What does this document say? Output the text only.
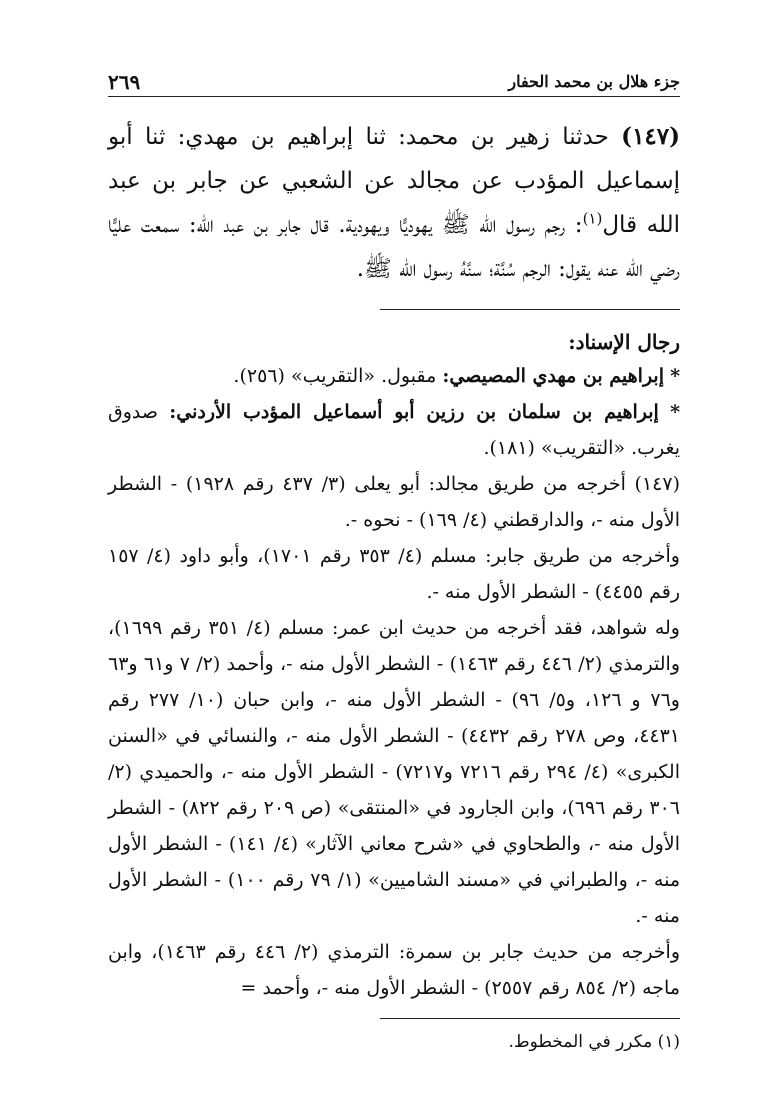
جزء هلال بن محمد الحفار
٢٦٩
(١٤٧) حدثنا زهير بن محمد: ثنا إبراهيم بن مهدي: ثنا أبو إسماعيل المؤدب عن مجالد عن الشعبي عن جابر بن عبد الله قال$^{(١)}$: رجم رسول الله ﷺ يهوديًّا ويهودية. قال جابر بن عبد الله: سمعت عليًّا رضي الله عنه يقول: الرجم سُنَّة؛ سنَّهُ رسول الله ﷺ.
رجال الإسناد:

* إبراهيم بن مهدي المصيصي: مقبول. «التقريب» (٢٥٦).

* إبراهيم بن سلمان بن رزين أبو أسماعيل المؤدب الأردني: صدوق يغرب. «التقريب» (١٨١).

(١٤٧) أخرجه من طريق مجالد: أبو يعلى (٣/ ٤٣٧ رقم ١٩٢٨) - الشطر الأول منه -، والدارقطني (٤/ ١٦٩) - نحوه -.

وأخرجه من طريق جابر: مسلم (٤/ ٣٥٣ رقم ١٧٠١)، وأبو داود (٤/ ١٥٧ رقم ٤٤٥٥) - الشطر الأول منه -.

وله شواهد، فقد أخرجه من حديث ابن عمر: مسلم (٤/ ٣٥١ رقم ١٦٩٩)، والترمذي (٢/ ٤٤٦ رقم ١٤٦٣) - الشطر الأول منه -، وأحمد (٢/ ٧ و٦١ و٦٣ و٧٦ و ١٢٦، و٥/ ٩٦) - الشطر الأول منه -، وابن حبان (١٠/ ٢٧٧ رقم ٤٤٣١، وص ٢٧٨ رقم ٤٤٣٢) - الشطر الأول منه -، والنسائي في «السنن الكبرى» (٤/ ٢٩٤ رقم ٧٢١٦ و٧٢١٧) - الشطر الأول منه -، والحميدي (٢/ ٣٠٦ رقم ٦٩٦)، وابن الجارود في «المنتقى» (ص ٢٠٩ رقم ٨٢٢) - الشطر الأول منه -، والطحاوي في «شرح معاني الآثار» (٤/ ١٤١) - الشطر الأول منه -، والطبراني في «مسند الشاميين» (١/ ٧٩ رقم ١٠٠) - الشطر الأول منه -.

وأخرجه من حديث جابر بن سمرة: الترمذي (٢/ ٤٤٦ رقم ١٤٦٣)، وابن ماجه (٢/ ٨٥٤ رقم ٢٥٥٧) - الشطر الأول منه -، وأحمد =

(١) مكرر في المخطوط.
